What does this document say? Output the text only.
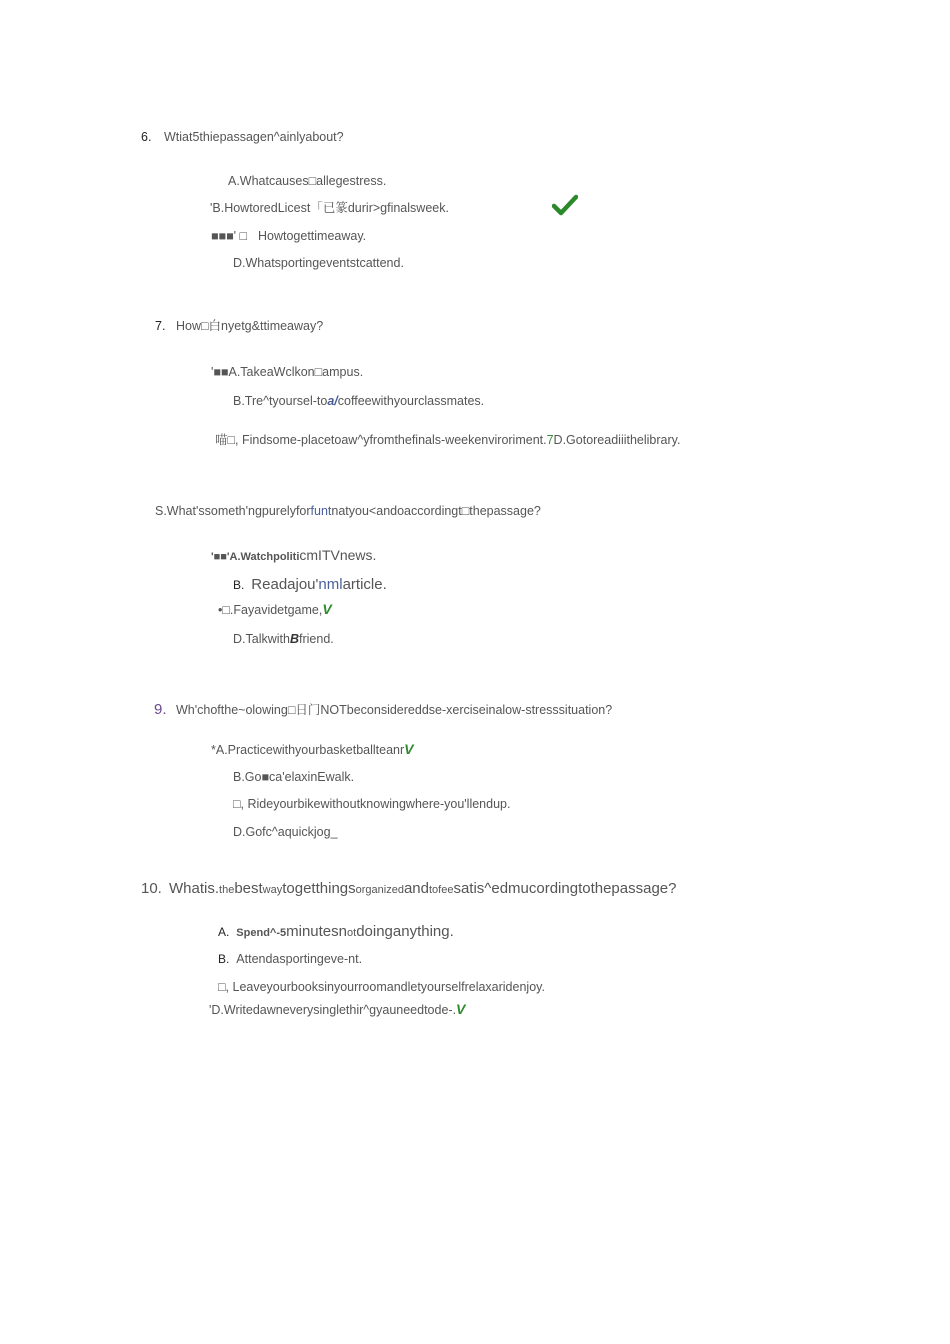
6. Wtiat5thiepassagen^ainlyabout?
A.Whatcauses□allegestress.
'B.HowtoredLicest「已篆durir>gfinalsweek.
■■■' □ Howtogettimeaway.
D.Whatsportingeventstcattend.
7. How□白nyetg&ttimeaway?
'■■A.TakeaWclkon□ampus.
B.Tre^tyoursel-toa/coffeewithyourclassmates.
喵□, Findsome-placetoaw^yfromthefinals-weekenviroriment.7D.Gotoreadiiithelibrary.
S.What'ssometh'ngpurelyforfuntnatyou<andoaccordingt□thepassage?
'■■'A.WatchpoliticmITVnews.
B. Readajou'nmlarticle.
•□.Fayavidetgame,V
D.TalkwithBfriend.
9. Wh'chofthe~olowing□日门NOTbeconsidereddse-xerciseinalow-stresssituation?
*A.PracticewithyourbasketballteanrV
B.Go■ca'elaxinEwalk.
□, Rideyourbikewithoutknowingwhere-you'llendup.
D.Gofc^aquickjog_
10. Whatis.thebestwaytogetthingsorganizedandtofeesatis^edmucordingtothepassage?
A. Spend^-5minutesnotdoinganything.
B. Attendasportingeve-nt.
□, Leaveyourbooksinyourroomandletyourselfrelaxaridenjoy.
'D.Writedawneverysinglethir^gyauneedtode-.V
